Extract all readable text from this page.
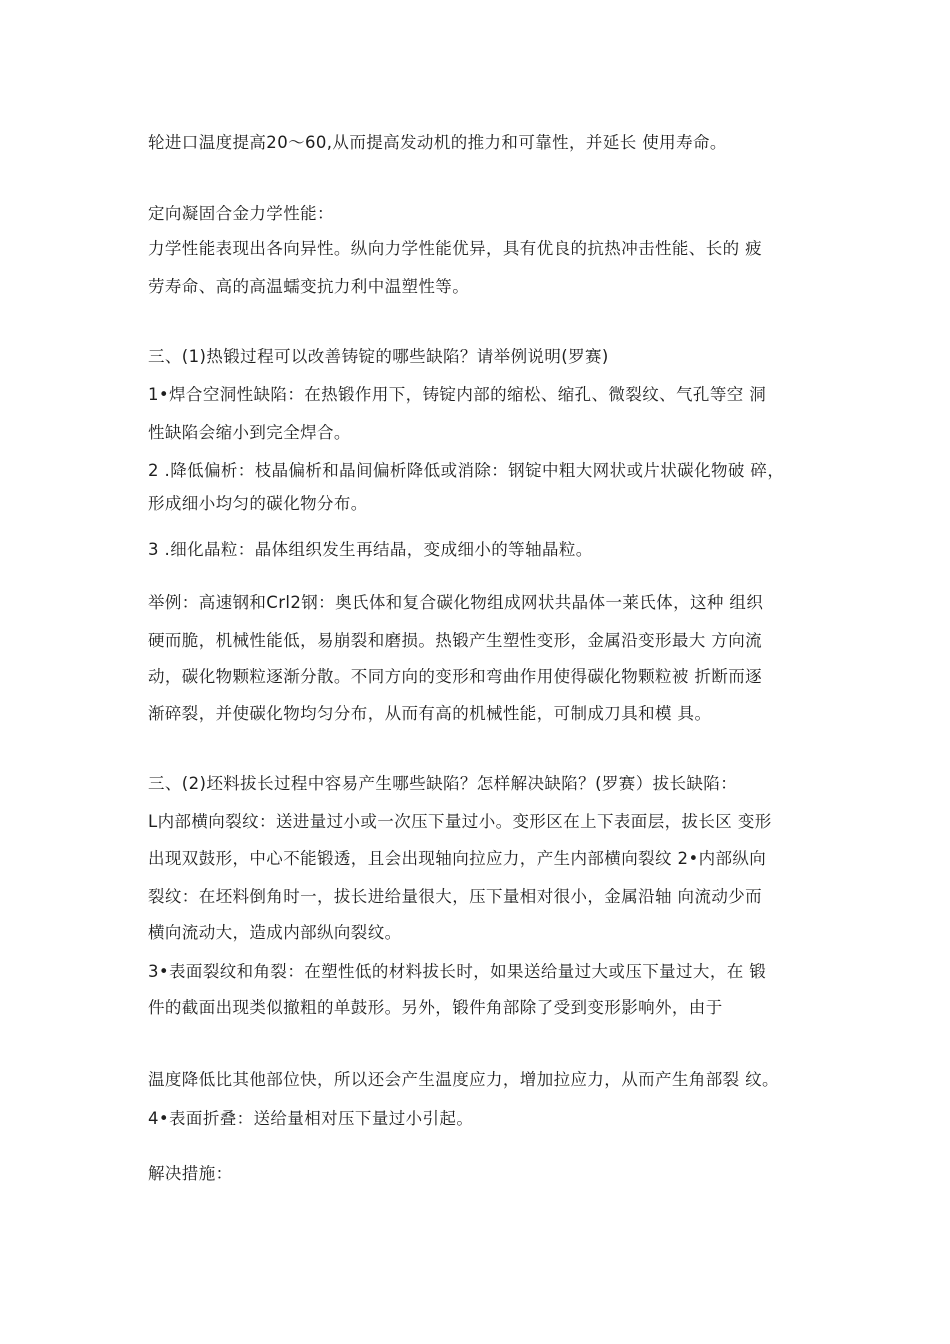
轮进口温度提高20〜60,从而提高发动机的推力和可靠性，并延长 使用寿命。

定向凝固合金力学性能：

力学性能表现出各向异性。纵向力学性能优异，具有优良的抗热冲击性能、长的 疲

劳寿命、高的高温蠕变抗力利中温塑性等。

三、(1)热锻过程可以改善铸锭的哪些缺陷？请举例说明(罗赛)

1•焊合空洞性缺陷：在热锻作用下，铸锭内部的缩松、缩孔、微裂纹、气孔等空 洞

性缺陷会缩小到完全焊合。

2 .降低偏析：枝晶偏析和晶间偏析降低或消除：钢锭中粗大网状或片状碳化物破 碎，

形成细小均匀的碳化物分布。

3 .细化晶粒：晶体组织发生再结晶，变成细小的等轴晶粒。

举例：高速钢和Crl2钢：奥氏体和复合碳化物组成网状共晶体一莱氏体，这种 组织

硬而脆，机械性能低，易崩裂和磨损。热锻产生塑性变形，金属沿变形最大 方向流

动，碳化物颗粒逐渐分散。不同方向的变形和弯曲作用使得碳化物颗粒被 折断而逐

渐碎裂，并使碳化物均匀分布，从而有高的机械性能，可制成刀具和模 具。

三、(2)坯料拔长过程中容易产生哪些缺陷？怎样解决缺陷？(罗赛）拔长缺陷：

L内部横向裂纹：送进量过小或一次压下量过小。变形区在上下表面层，拔长区 变形

出现双鼓形，中心不能锻透，且会出现轴向拉应力，产生内部横向裂纹 2•内部纵向

裂纹：在坯料倒角时一，拔长进给量很大，压下量相对很小，金属沿轴 向流动少而

横向流动大，造成内部纵向裂纹。

3•表面裂纹和角裂：在塑性低的材料拔长时，如果送给量过大或压下量过大，在 锻

件的截面出现类似撤粗的单鼓形。另外，锻件角部除了受到变形影响外，由于

温度降低比其他部位快，所以还会产生温度应力，增加拉应力，从而产生角部裂 纹。

4•表面折叠：送给量相对压下量过小引起。

解决措施：
